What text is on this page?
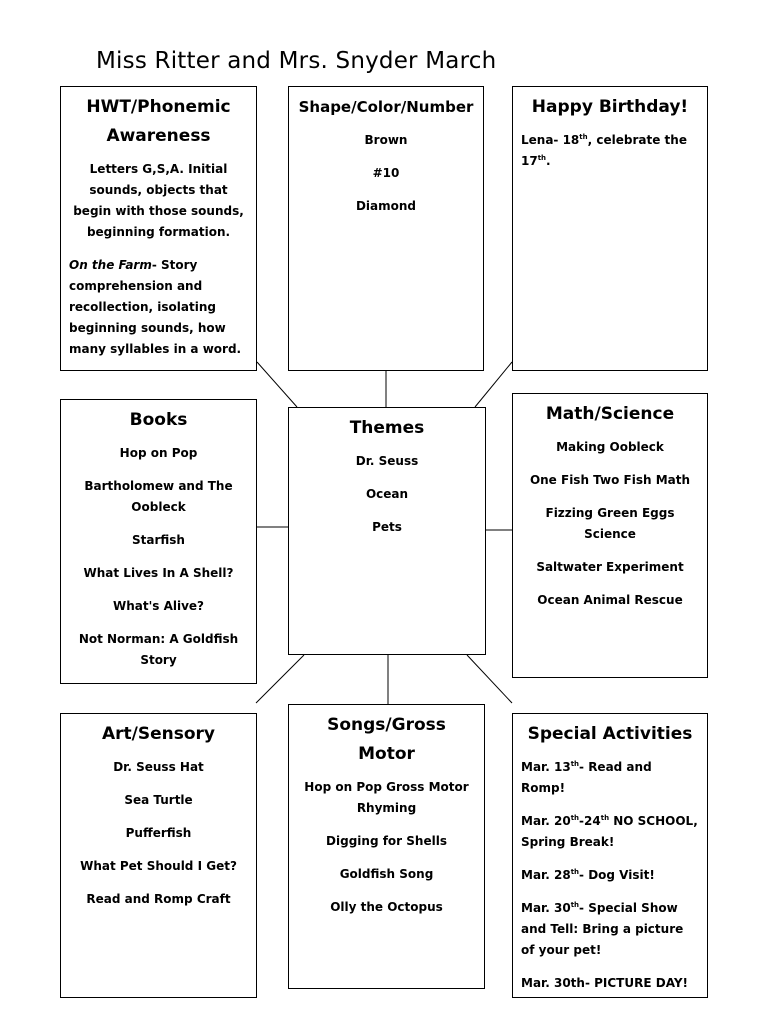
Miss Ritter and Mrs. Snyder March
HWT/Phonemic Awareness

Letters G,S,A. Initial sounds, objects that begin with those sounds, beginning formation.

On the Farm- Story comprehension and recollection, isolating beginning sounds, how many syllables in a word.

Shape/Color/Number

Brown

#10

Diamond

Happy Birthday!

Lena- 18th, celebrate the 17th.

Books

Hop on Pop

Bartholomew and The Oobleck

Starfish

What Lives In A Shell?

What's Alive?

Not Norman: A Goldfish Story

Themes

Dr. Seuss

Ocean

Pets

Math/Science

Making Oobleck

One Fish Two Fish Math

Fizzing Green Eggs Science

Saltwater Experiment

Ocean Animal Rescue

Art/Sensory

Dr. Seuss Hat

Sea Turtle

Pufferfish

What Pet Should I Get?

Read and Romp Craft

Songs/Gross Motor

Hop on Pop Gross Motor Rhyming

Digging for Shells

Goldfish Song

Olly the Octopus

Special Activities

Mar. 13th- Read and Romp!

Mar. 20th-24th NO SCHOOL, Spring Break!

Mar. 28th- Dog Visit!

Mar. 30th- Special Show and Tell: Bring a picture of your pet!

Mar. 30th- PICTURE DAY!
